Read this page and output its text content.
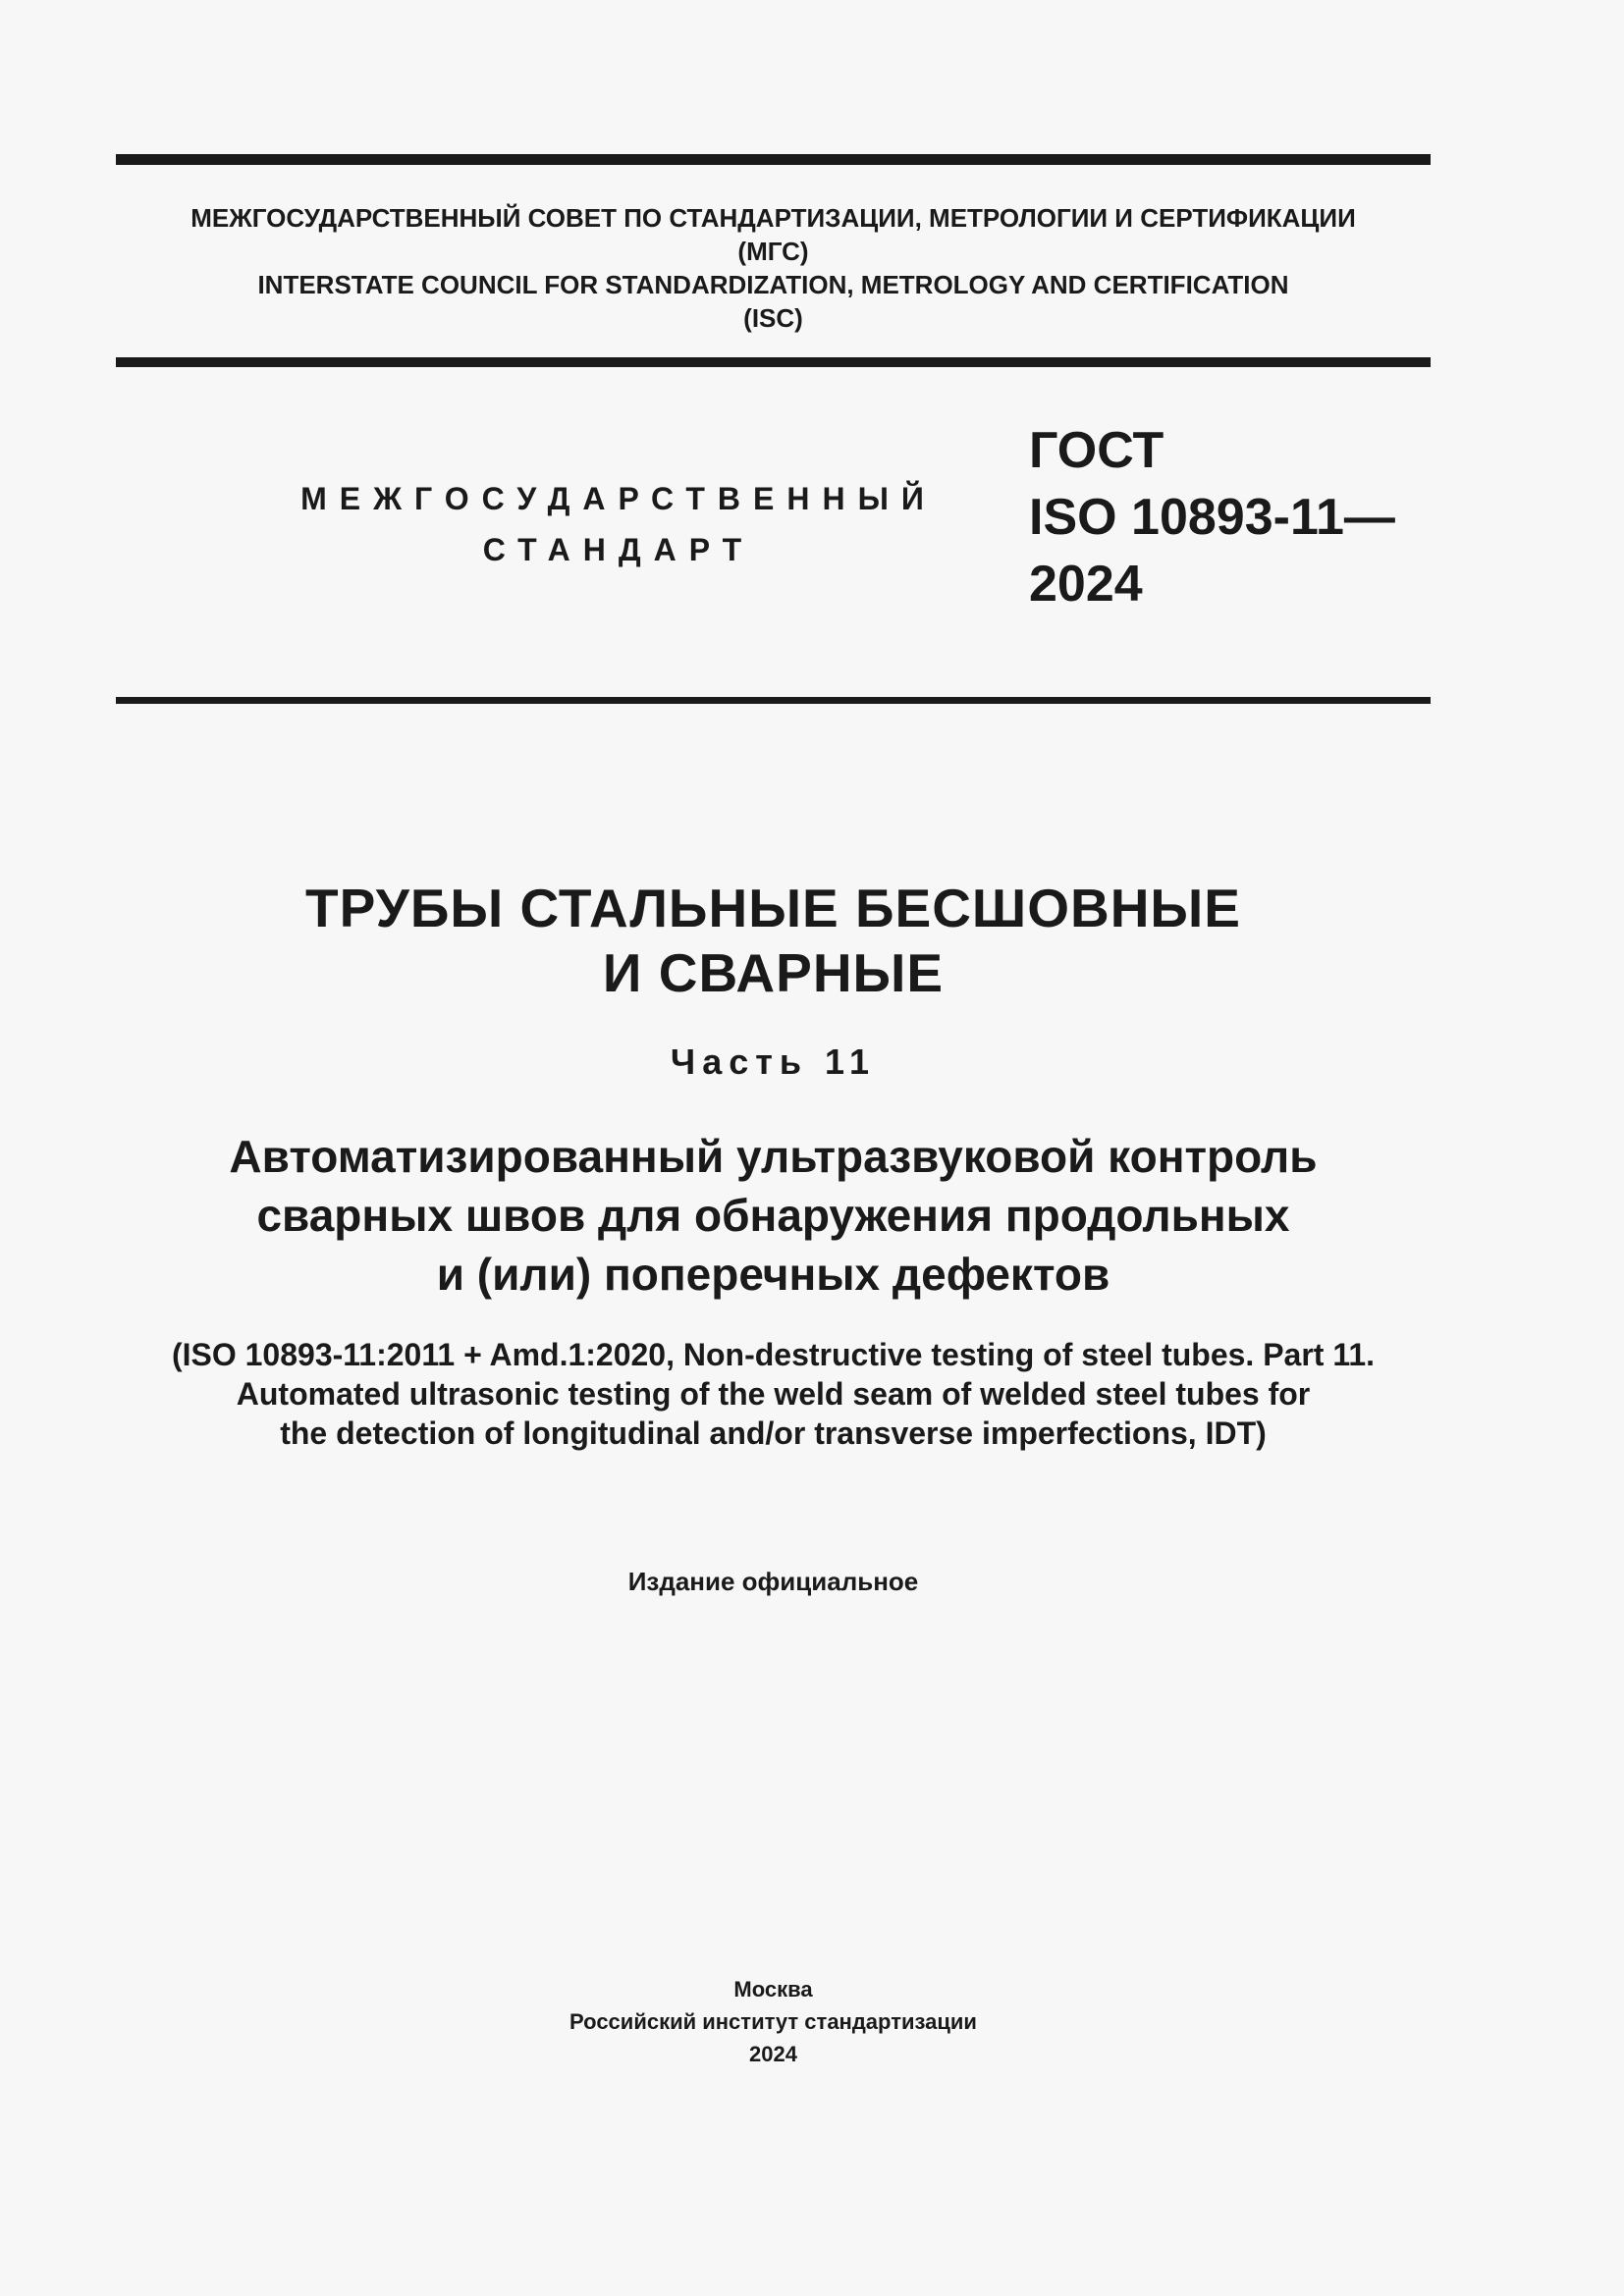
МЕЖГОСУДАРСТВЕННЫЙ СОВЕТ ПО СТАНДАРТИЗАЦИИ, МЕТРОЛОГИИ И СЕРТИФИКАЦИИ
(МГС)
INTERSTATE COUNCIL FOR STANDARDIZATION, METROLOGY AND CERTIFICATION
(ISC)
МЕЖГОСУДАРСТВЕННЫЙ
СТАНДАРТ
ГОСТ
ISO 10893-11—
2024
ТРУБЫ СТАЛЬНЫЕ БЕСШОВНЫЕ
И СВАРНЫЕ
Часть 11
Автоматизированный ультразвуковой контроль
сварных швов для обнаружения продольных
и (или) поперечных дефектов
(ISO 10893-11:2011 + Amd.1:2020, Non-destructive testing of steel tubes. Part 11.
Automated ultrasonic testing of the weld seam of welded steel tubes for
the detection of longitudinal and/or transverse imperfections, IDT)
Издание официальное
Москва
Российский институт стандартизации
2024
